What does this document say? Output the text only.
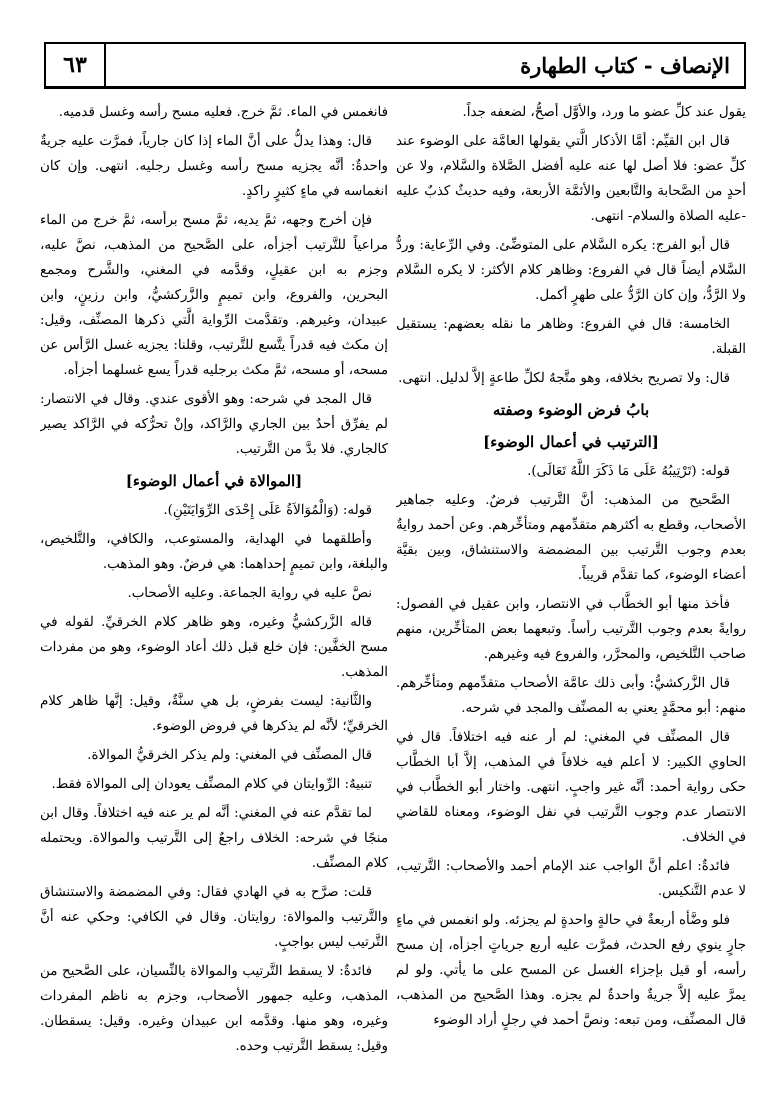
٦٣	الإنصاف - كتاب الطهارة

يقول عند كلِّ عضو ما ورد، والأوَّل أصحُّ، لضعفه جداً.

قال ابن القيِّم: أمَّا الأذكار الَّتي يقولها العامَّة على الوضوء عند كلِّ عضو: فلا أصل لها عنه عليه أفضل الصَّلاة والسَّلام، ولا عن أحدٍ من الصَّحابة والتَّابعين والأئمَّة الأربعة، وفيه حديثٌ كذبٌ عليه -عليه الصلاة والسلام- انتهى.

قال أبو الفرج: يكره السَّلام على المتوضِّئ. وفي الرِّعاية: وردُّ السَّلام أيضاً قال في الفروع: وظاهر كلام الأكثر: لا يكره السَّلام ولا الرَّدُّ، وإن كان الرَّدُّ على طهرٍ أكمل.

الخامسة: قال في الفروع: وظاهر ما نقله بعضهم: يستقبل القبلة.

قال: ولا تصريح بخلافه، وهو متَّجهٌ لكلِّ طاعةٍ إلاَّ لدليل. انتهى.

بابُ فرض الوضوء وصفته
[الترتيب في أعمال الوضوء]

قوله: (تَرْتِيبُهُ عَلَى مَا ذَكَرَ اللَّهُ تَعَالَى).

الصَّحيح من المذهب: أنَّ التَّرتيب فرضٌ. وعليه جماهير الأصحاب، وقطع به أكثرهم متقدِّمهم ومتأخِّرهم. وعن أحمد روايةٌ بعدم وجوب التَّرتيب بين المضمضة والاستنشاق، وبين بقيَّة أعضاء الوضوء، كما تقدَّم قريباً.

فأخذ منها أبو الخطَّاب في الانتصار، وابن عقيل في الفصول: روايةً بعدم وجوب التَّرتيب رأساً. وتبعهما بعض المتأخِّرين، منهم صاحب التَّلخيص، والمحرَّر، والفروع فيه وغيرهم.

قال الزَّركشيُّ: وأبى ذلك عامَّة الأصحاب متقدِّمهم ومتأخِّرهم. منهم: أبو محمَّدٍ يعني به المصنِّف والمجد في شرحه.

قال المصنِّف في المغني: لم أر عنه فيه اختلافاً. قال في الحاوي الكبير: لا أعلم فيه خلافاً في المذهب، إلاَّ أبا الخطَّاب حكى رواية أحمد: أنَّه غير واجبٍ. انتهى. واختار أبو الخطَّاب في الانتصار عدم وجوب التَّرتيب في نفل الوضوء، ومعناه للقاضي في الخلاف.

فائدةٌ: اعلم أنَّ الواجب عند الإمام أحمد والأصحاب: التَّرتيب، لا عدم التَّنكيس.

فلو وضَّأه أربعةٌ في حالةٍ واحدةٍ لم يجزئه. ولو انغمس في ماءٍ جارٍ ينوي رفع الحدث، فمرَّت عليه أربع جرياتٍ أجزأه، إن مسح رأسه، أو قيل بإجزاء الغسل عن المسح على ما يأتي. ولو لم يمرَّ عليه إلاَّ جريةٌ واحدةٌ لم يجزه. وهذا الصَّحيح من المذهب، قال المصنِّف، ومن تبعه: ونصَّ أحمد في رجلٍ أراد الوضوء

فانغمس في الماء. ثمَّ خرج. فعليه مسح رأسه وغسل قدميه.

قال: وهذا يدلُّ على أنَّ الماء إذا كان جارياً، فمرَّت عليه جريةٌ واحدةٌ: أنَّه يجزيه مسح رأسه وغسل رجليه. انتهى. وإن كان انغماسه في ماءٍ كثيرٍ راكدٍ.

فإن أخرج وجهه، ثمَّ يديه، ثمَّ مسح برأسه، ثمَّ خرج من الماء مراعياً للتَّرتيب أجزأه، على الصَّحيح من المذهب، نصَّ عليه، وجزم به ابن عقيلٍ، وقدَّمه في المغني، والشَّرح ومجمع البحرين، والفروع، وابن تميمٍ والزَّركشيُّ، وابن رزينٍ، وابن عبيدان، وغيرهم. وتقدَّمت الرِّواية الَّتي ذكرها المصنِّف، وقيل: إن مكث فيه قدراً يتَّسع للتَّرتيب، وقلنا: يجزيه غسل الرَّأس عن مسحه، أو مسحه، ثمَّ مكث برجليه قدراً يسع غسلهما أجزأه.

قال المجد في شرحه: وهو الأقوى عندي. وقال في الانتصار: لم يفرِّق أحدٌ بين الجاري والرَّاكد، وإنْ تحرُّكه في الرَّاكد يصير كالجاري. فلا بدَّ من التَّرتيب.

[الموالاة في أعمال الوضوء]

قوله: (وَالْمُوَالاَةُ عَلَى إِحْدَى الرِّوَايَتَيْنِ).

وأطلقهما في الهداية، والمستوعب، والكافي، والتَّلخيص، والبلغة، وابن تميمٍ إحداهما: هي فرضٌ. وهو المذهب.

نصَّ عليه في رواية الجماعة. وعليه الأصحاب.

قاله الزَّركشيُّ وغيره، وهو ظاهر كلام الخرقيِّ. لقوله في مسح الخفَّين: فإن خلع قبل ذلك أعاد الوضوء، وهو من مفردات المذهب.

والثَّانية: ليست بفرضٍ، بل هي سنَّةٌ، وقيل: إنَّها ظاهر كلام الخرقيِّ؛ لأنَّه لم يذكرها في فروض الوضوء.

قال المصنِّف في المغني: ولم يذكر الخرقيُّ الموالاة.

تنبيهٌ: الرِّوايتان في كلام المصنِّف يعودان إلى الموالاة فقط.

لما تقدَّم عنه في المغني: أنَّه لم ير عنه فيه اختلافاً. وقال ابن منجًا في شرحه: الخلاف راجعٌ إلى التَّرتيب والموالاة. ويحتمله كلام المصنِّف.

قلت: صرَّح به في الهادي فقال: وفي المضمضة والاستنشاق والتَّرتيب والموالاة: روايتان. وقال في الكافي: وحكي عنه أنَّ التَّرتيب ليس بواجبٍ.

فائدةٌ: لا يسقط التَّرتيب والموالاة بالنِّسيان، على الصَّحيح من المذهب، وعليه جمهور الأصحاب، وجزم به ناظم المفردات وغيره، وهو منها. وقدَّمه ابن عبيدان وغيره. وقيل: يسقطان. وقيل: يسقط التَّرتيب وحده.
